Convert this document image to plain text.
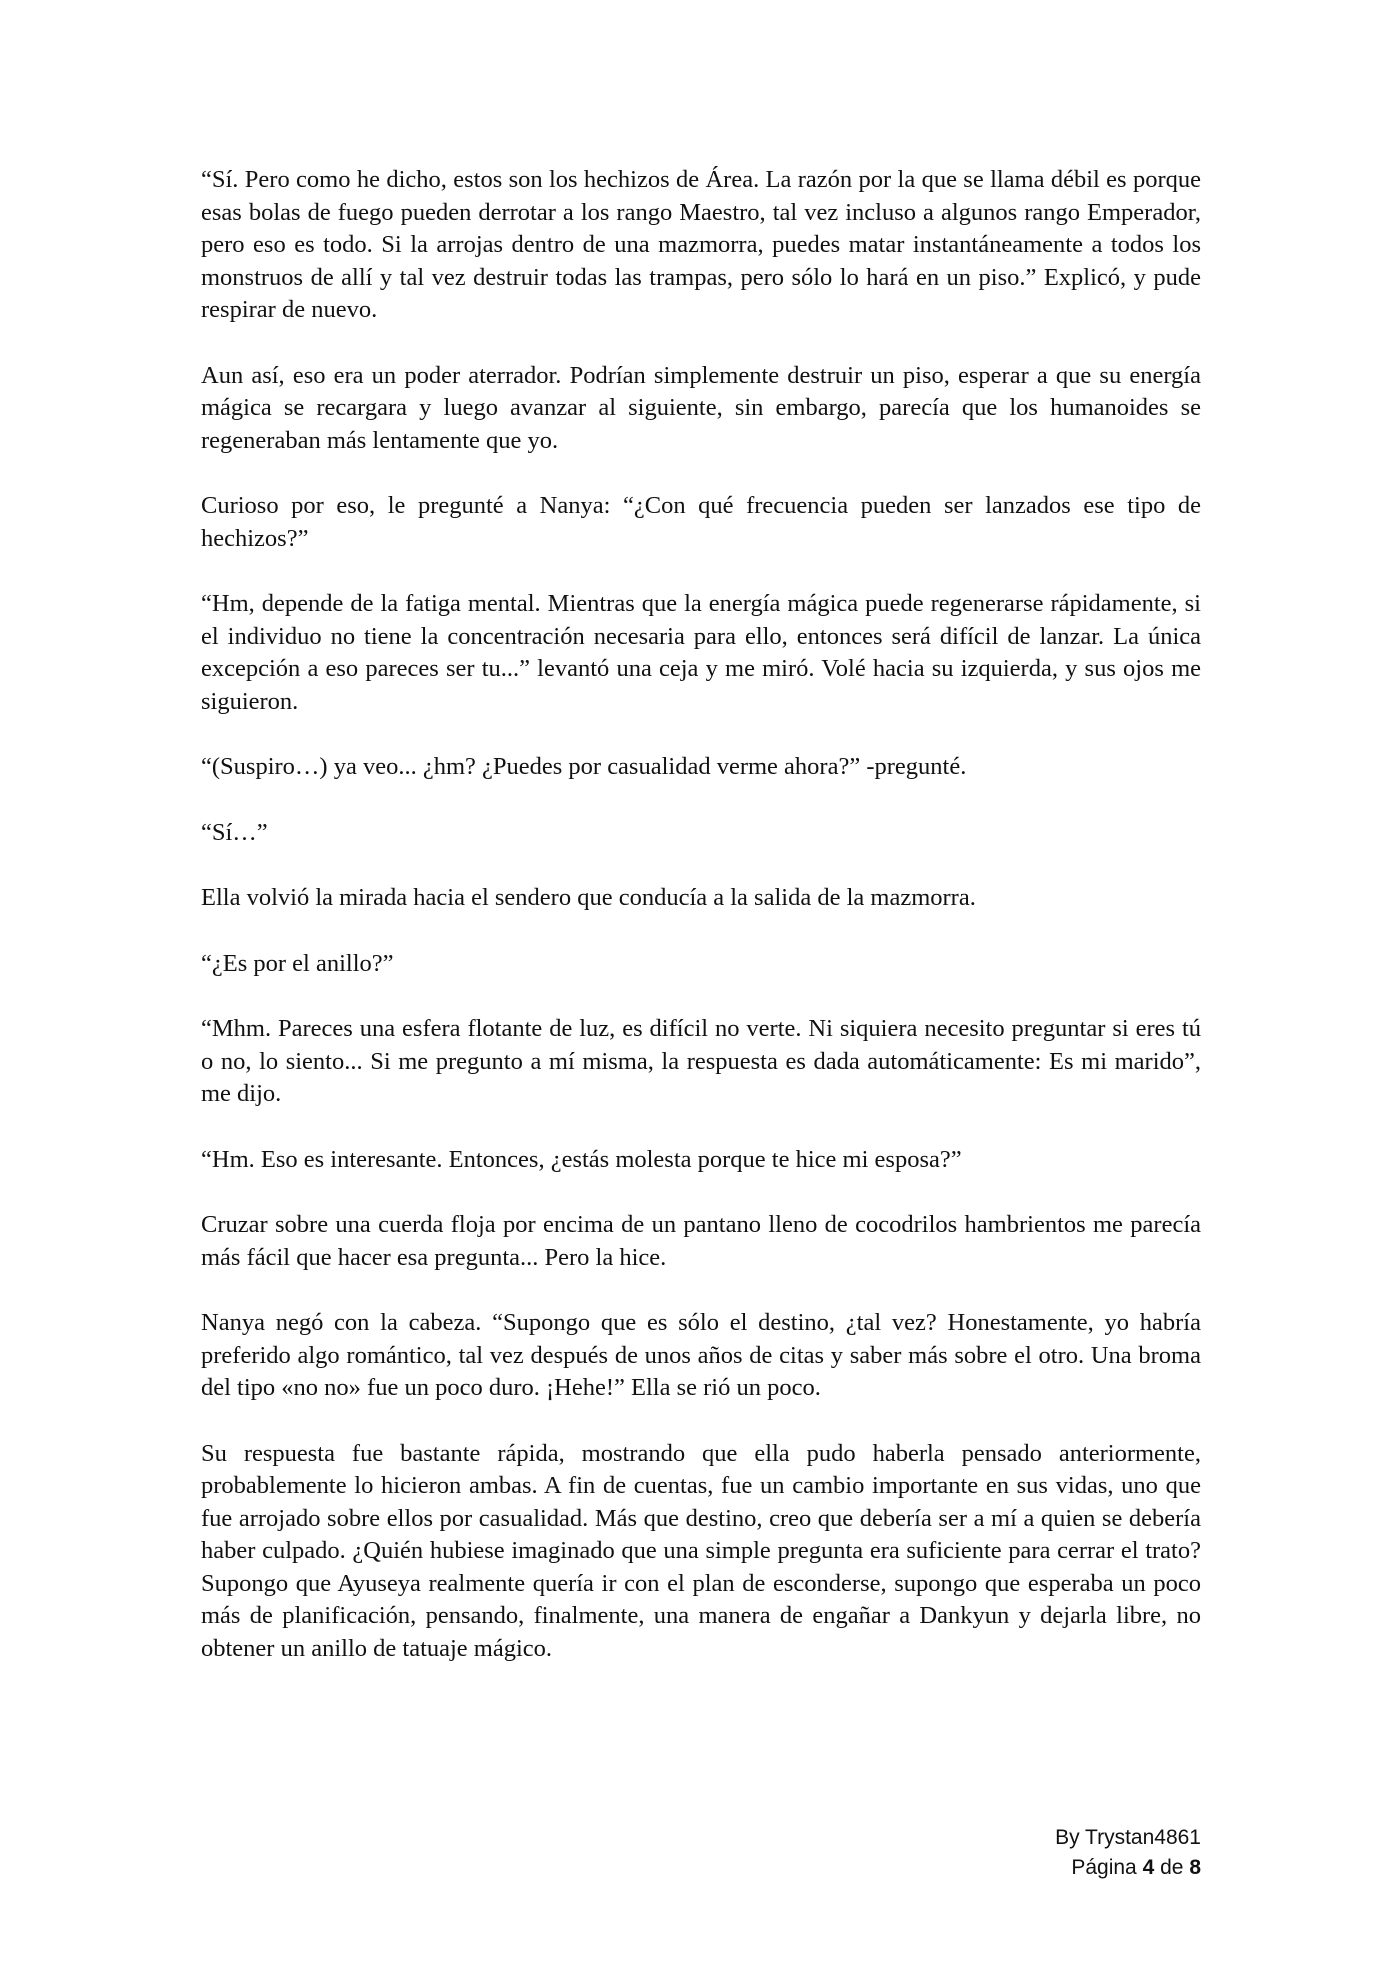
“Sí. Pero como he dicho, estos son los hechizos de Área. La razón por la que se llama débil es porque esas bolas de fuego pueden derrotar a los rango Maestro, tal vez incluso a algunos rango Emperador, pero eso es todo. Si la arrojas dentro de una mazmorra, puedes matar instantáneamente a todos los monstruos de allí y tal vez destruir todas las trampas, pero sólo lo hará en un piso.” Explicó, y pude respirar de nuevo.

Aun así, eso era un poder aterrador. Podrían simplemente destruir un piso, esperar a que su energía mágica se recargara y luego avanzar al siguiente, sin embargo, parecía que los humanoides se regeneraban más lentamente que yo.

Curioso por eso, le pregunté a Nanya: “¿Con qué frecuencia pueden ser lanzados ese tipo de hechizos?”

“Hm, depende de la fatiga mental. Mientras que la energía mágica puede regenerarse rápidamente, si el individuo no tiene la concentración necesaria para ello, entonces será difícil de lanzar. La única excepción a eso pareces ser tu...” levantó una ceja y me miró. Volé hacia su izquierda, y sus ojos me siguieron.

“(Suspiro…) ya veo... ¿hm? ¿Puedes por casualidad verme ahora?” -pregunté.

“Sí…”

Ella volvió la mirada hacia el sendero que conducía a la salida de la mazmorra.

“¿Es por el anillo?”

“Mhm. Pareces una esfera flotante de luz, es difícil no verte. Ni siquiera necesito preguntar si eres tú o no, lo siento... Si me pregunto a mí misma, la respuesta es dada automáticamente: Es mi marido”, me dijo.

“Hm. Eso es interesante. Entonces, ¿estás molesta porque te hice mi esposa?”

Cruzar sobre una cuerda floja por encima de un pantano lleno de cocodrilos hambrientos me parecía más fácil que hacer esa pregunta... Pero la hice.

Nanya negó con la cabeza. “Supongo que es sólo el destino, ¿tal vez? Honestamente, yo habría preferido algo romántico, tal vez después de unos años de citas y saber más sobre el otro. Una broma del tipo «no no» fue un poco duro. ¡Hehe!” Ella se rió un poco.

Su respuesta fue bastante rápida, mostrando que ella pudo haberla pensado anteriormente, probablemente lo hicieron ambas. A fin de cuentas, fue un cambio importante en sus vidas, uno que fue arrojado sobre ellos por casualidad. Más que destino, creo que debería ser a mí a quien se debería haber culpado. ¿Quién hubiese imaginado que una simple pregunta era suficiente para cerrar el trato? Supongo que Ayuseya realmente quería ir con el plan de esconderse, supongo que esperaba un poco más de planificación, pensando, finalmente, una manera de engañar a Dankyun y dejarla libre, no obtener un anillo de tatuaje mágico.

By Trystan4861
Página 4 de 8
